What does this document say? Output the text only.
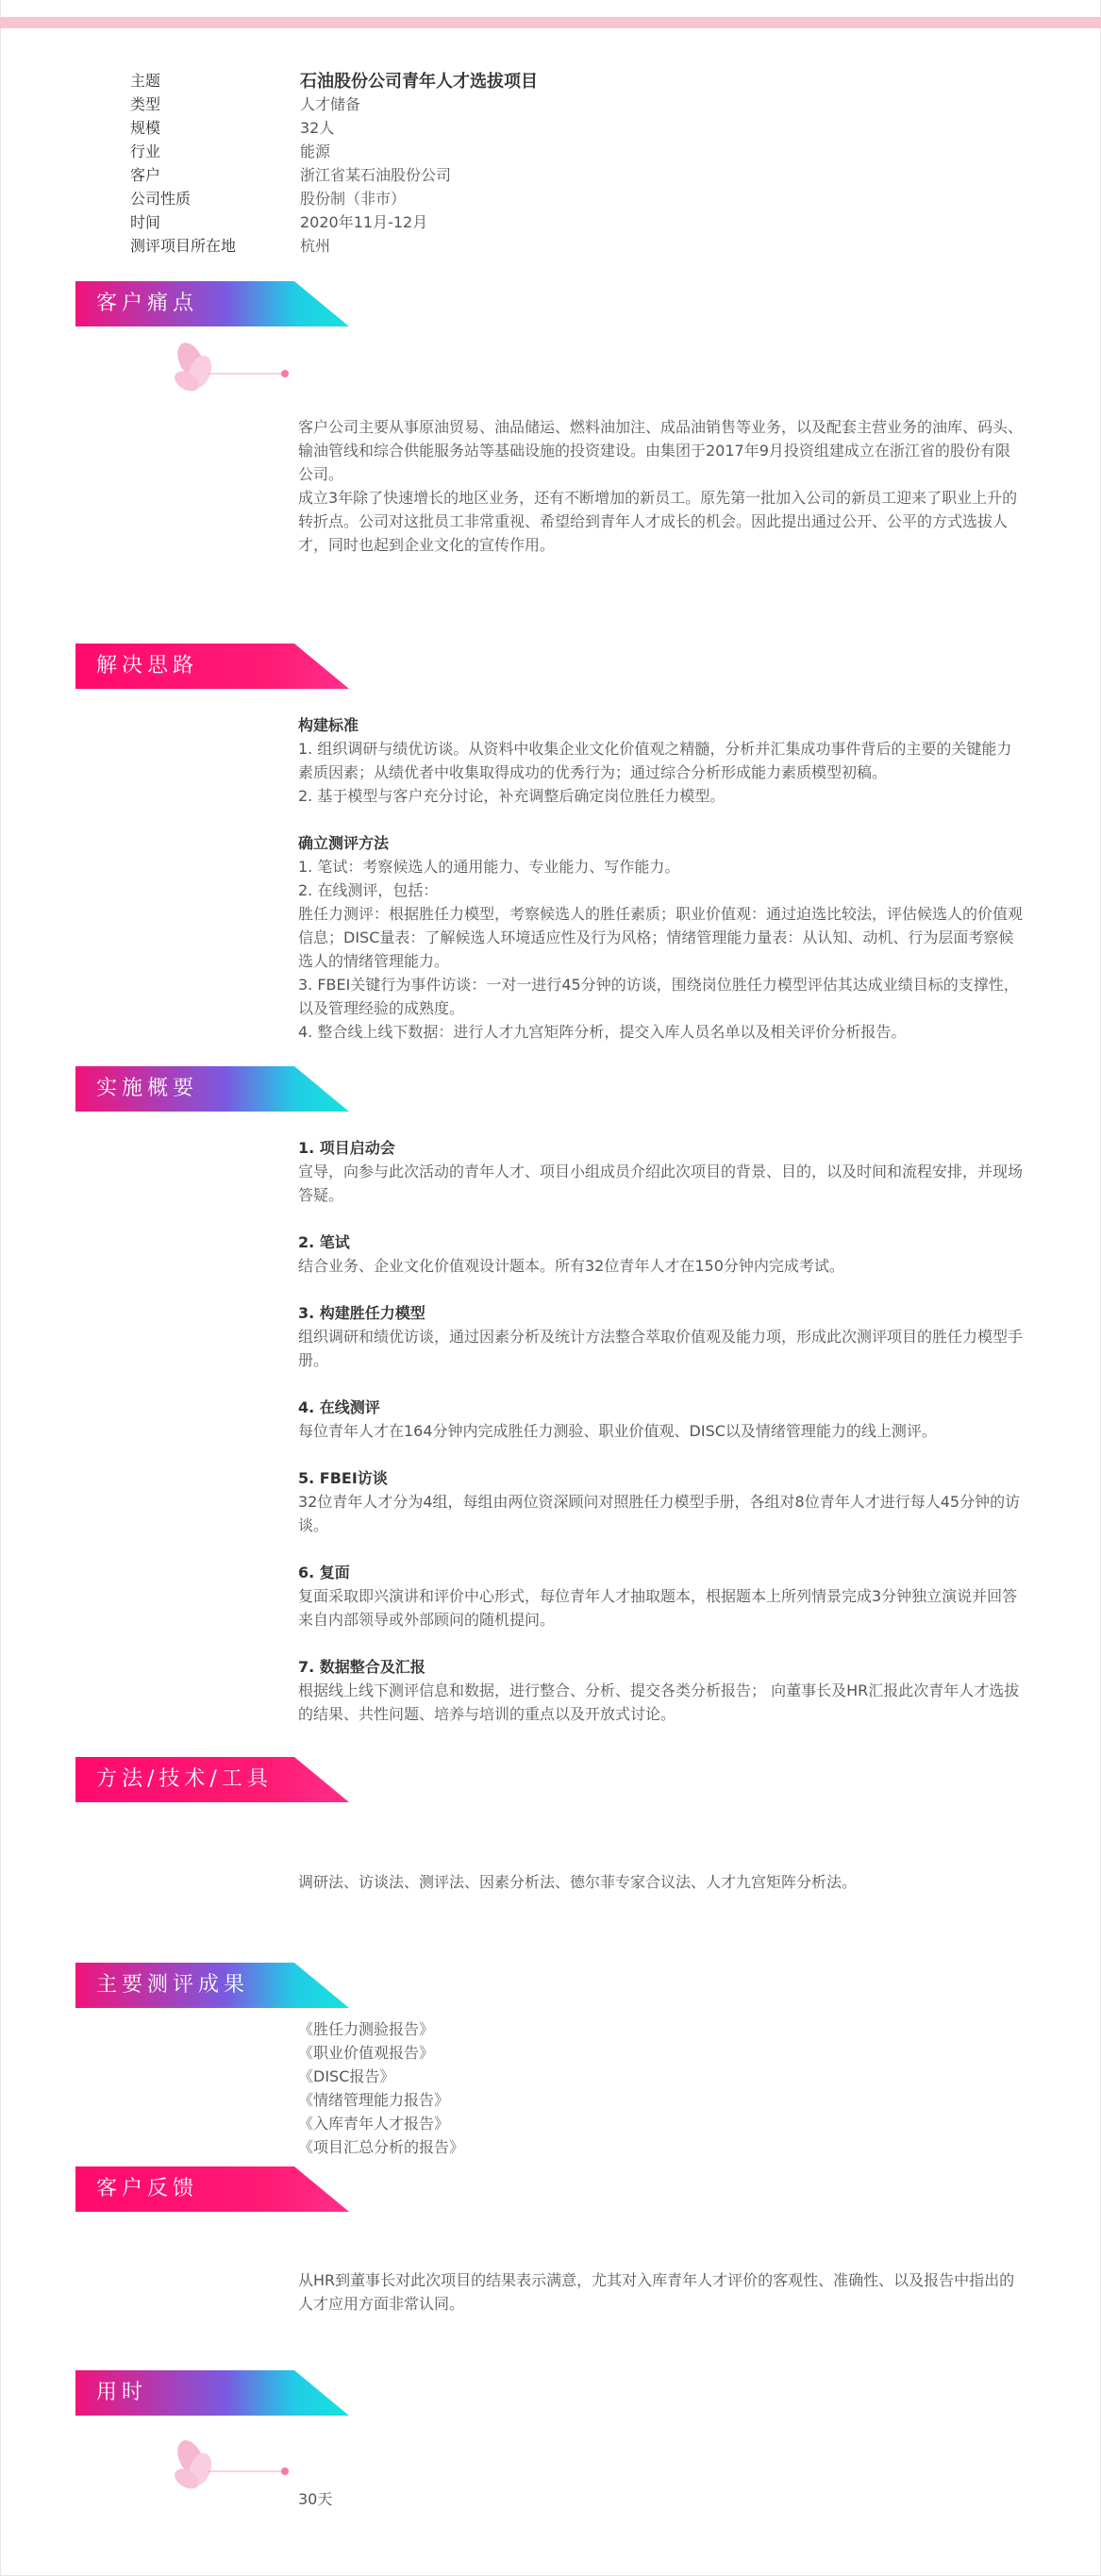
主题	石油股份公司青年人才选拔项目
类型	人才储备
规模	32人
行业	能源
客户	浙江省某石油股份公司
公司性质	股份制（非市）
时间	2020年11月-12月
测评项目所在地	杭州
客户痛点

客户公司主要从事原油贸易、油品储运、燃料油加注、成品油销售等业务，以及配套主营业务的油库、码头、输油管线和综合供能服务站等基础设施的投资建设。由集团于2017年9月投资组建成立在浙江省的股份有限公司。

成立3年除了快速增长的地区业务，还有不断增加的新员工。原先第一批加入公司的新员工迎来了职业上升的转折点。公司对这批员工非常重视、希望给到青年人才成长的机会。因此提出通过公开、公平的方式选拔人才，同时也起到企业文化的宣传作用。

解决思路

构建标准

1. 组织调研与绩优访谈。从资料中收集企业文化价值观之精髓，分析并汇集成功事件背后的主要的关键能力素质因素；从绩优者中收集取得成功的优秀行为；通过综合分析形成能力素质模型初稿。

2. 基于模型与客户充分讨论，补充调整后确定岗位胜任力模型。

确立测评方法

1. 笔试：考察候选人的通用能力、专业能力、写作能力。

2. 在线测评，包括：

胜任力测评：根据胜任力模型，考察候选人的胜任素质；职业价值观：通过迫选比较法，评估候选人的价值观信息；DISC量表：了解候选人环境适应性及行为风格；情绪管理能力量表：从认知、动机、行为层面考察候选人的情绪管理能力。

3. FBEI关键行为事件访谈：一对一进行45分钟的访谈，围绕岗位胜任力模型评估其达成业绩目标的支撑性，以及管理经验的成熟度。

4. 整合线上线下数据：进行人才九宫矩阵分析，提交入库人员名单以及相关评价分析报告。

实施概要

1. 项目启动会

宣导，向参与此次活动的青年人才、项目小组成员介绍此次项目的背景、目的，以及时间和流程安排，并现场答疑。

2. 笔试

结合业务、企业文化价值观设计题本。所有32位青年人才在150分钟内完成考试。

3. 构建胜任力模型

组织调研和绩优访谈，通过因素分析及统计方法整合萃取价值观及能力项，形成此次测评项目的胜任力模型手册。

4. 在线测评

每位青年人才在164分钟内完成胜任力测验、职业价值观、DISC以及情绪管理能力的线上测评。

5. FBEI访谈

32位青年人才分为4组，每组由两位资深顾问对照胜任力模型手册，各组对8位青年人才进行每人45分钟的访谈。

6. 复面

复面采取即兴演讲和评价中心形式，每位青年人才抽取题本，根据题本上所列情景完成3分钟独立演说并回答来自内部领导或外部顾问的随机提问。

7. 数据整合及汇报

根据线上线下测评信息和数据，进行整合、分析、提交各类分析报告； 向董事长及HR汇报此次青年人才选拔的结果、共性问题、培养与培训的重点以及开放式讨论。

方法/技术/工具

调研法、访谈法、测评法、因素分析法、德尔菲专家合议法、人才九宫矩阵分析法。

主要测评成果

《胜任力测验报告》

《职业价值观报告》

《DISC报告》

《情绪管理能力报告》

《入库青年人才报告》

《项目汇总分析的报告》

客户反馈

从HR到董事长对此次项目的结果表示满意，尤其对入库青年人才评价的客观性、准确性、以及报告中指出的人才应用方面非常认同。

用时

30天
